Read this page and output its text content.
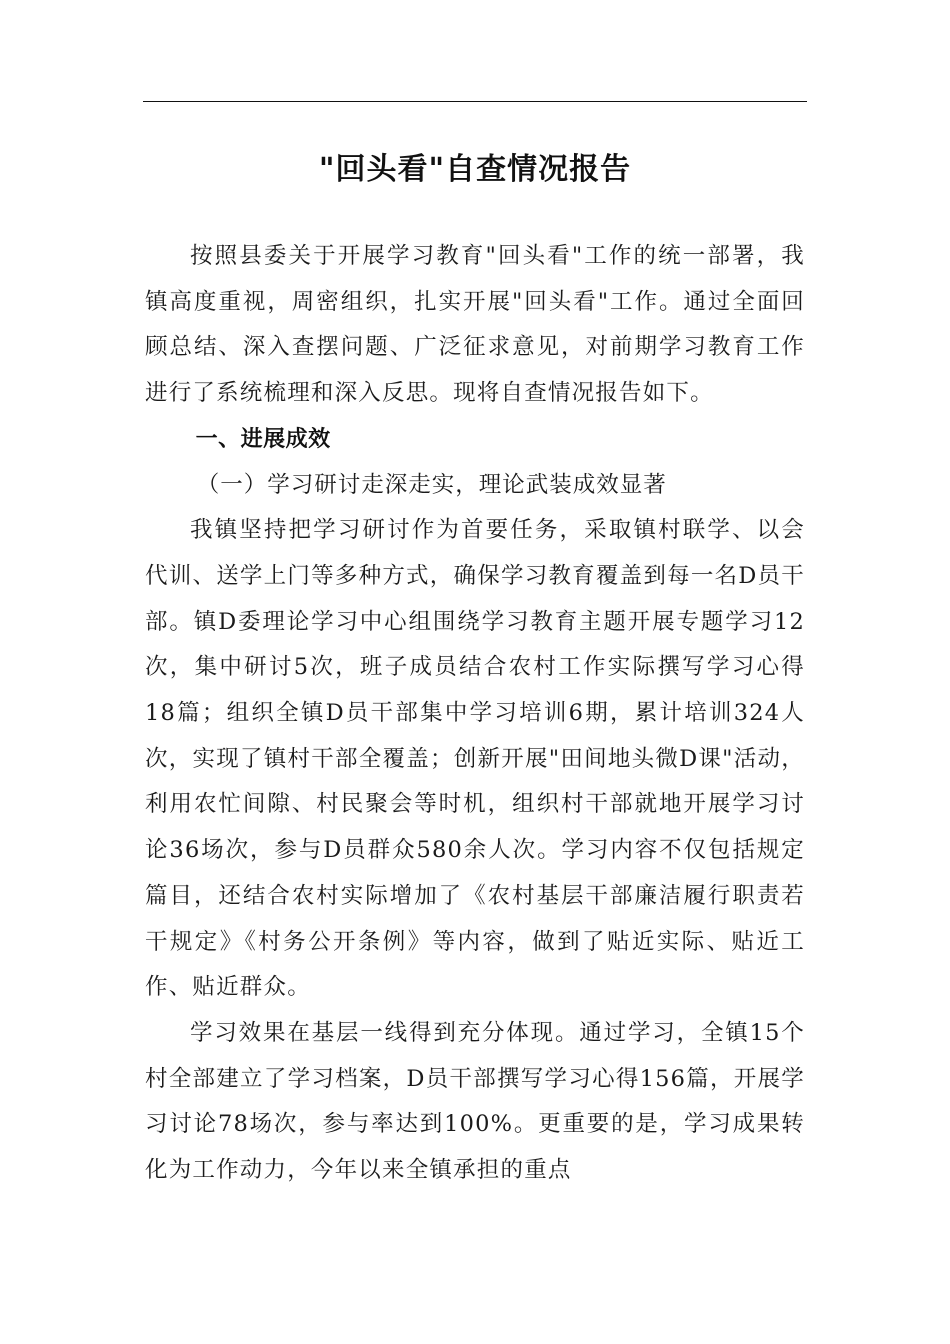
"回头看"自查情况报告

按照县委关于开展学习教育"回头看"工作的统一部署，我镇高度重视，周密组织，扎实开展"回头看"工作。通过全面回顾总结、深入查摆问题、广泛征求意见，对前期学习教育工作进行了系统梳理和深入反思。现将自查情况报告如下。

一、进展成效

（一）学习研讨走深走实，理论武装成效显著

我镇坚持把学习研讨作为首要任务，采取镇村联学、以会代训、送学上门等多种方式，确保学习教育覆盖到每一名D员干部。镇D委理论学习中心组围绕学习教育主题开展专题学习12次，集中研讨5次，班子成员结合农村工作实际撰写学习心得18篇；组织全镇D员干部集中学习培训6期，累计培训324人次，实现了镇村干部全覆盖；创新开展"田间地头微D课"活动，利用农忙间隙、村民聚会等时机，组织村干部就地开展学习讨论36场次，参与D员群众580余人次。学习内容不仅包括规定篇目，还结合农村实际增加了《农村基层干部廉洁履行职责若干规定》《村务公开条例》等内容，做到了贴近实际、贴近工作、贴近群众。

学习效果在基层一线得到充分体现。通过学习，全镇15个村全部建立了学习档案，D员干部撰写学习心得156篇，开展学习讨论78场次，参与率达到100%。更重要的是，学习成果转化为工作动力，今年以来全镇承担的重点
